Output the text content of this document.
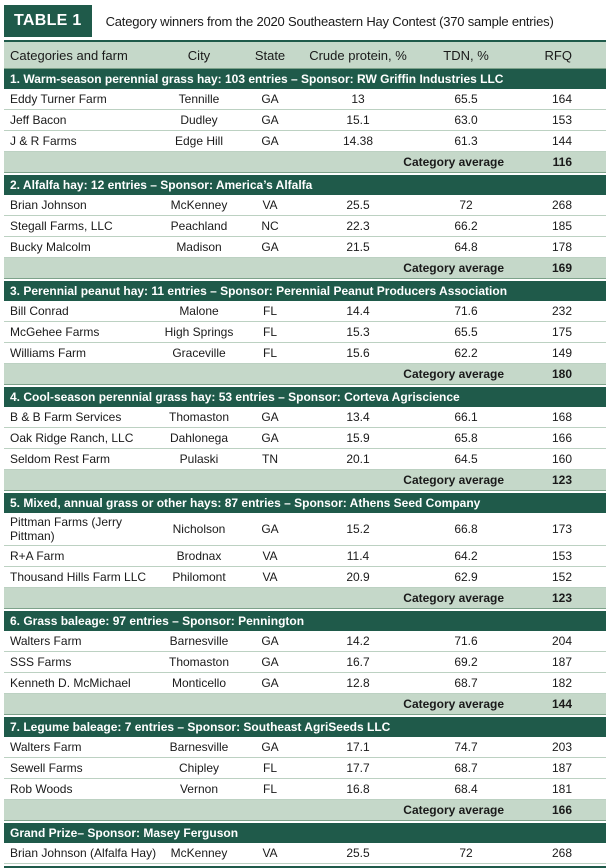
TABLE 1	Category winners from the 2020 Southeastern Hay Contest (370 sample entries)
Categories and farm	City	State	Crude protein, %	TDN, %	RFQ
1. Warm-season perennial grass hay: 103 entries – Sponsor: RW Griffin Industries LLC					
Eddy Turner Farm	Tennille	GA	13	65.5	164
Jeff Bacon	Dudley	GA	15.1	63.0	153
J & R Farms	Edge Hill	GA	14.38	61.3	144
			Category average		116

2. Alfalfa hay: 12 entries – Sponsor: America’s Alfalfa					
Brian Johnson	McKenney	VA	25.5	72	268
Stegall Farms, LLC	Peachland	NC	22.3	66.2	185
Bucky Malcolm	Madison	GA	21.5	64.8	178
			Category average		169

3. Perennial peanut hay: 11 entries – Sponsor: Perennial Peanut Producers Association					
Bill Conrad	Malone	FL	14.4	71.6	232
McGehee Farms	High Springs	FL	15.3	65.5	175
Williams Farm	Graceville	FL	15.6	62.2	149
			Category average		180

4. Cool-season perennial grass hay: 53 entries – Sponsor: Corteva Agriscience					
B & B Farm Services	Thomaston	GA	13.4	66.1	168
Oak Ridge Ranch, LLC	Dahlonega	GA	15.9	65.8	166
Seldom Rest Farm	Pulaski	TN	20.1	64.5	160
			Category average		123

5. Mixed, annual grass or other hays: 87 entries – Sponsor: Athens Seed Company					
Pittman Farms (Jerry Pittman)	Nicholson	GA	15.2	66.8	173
R+A Farm	Brodnax	VA	11.4	64.2	153
Thousand Hills Farm LLC	Philomont	VA	20.9	62.9	152
			Category average		123

6. Grass baleage: 97 entries – Sponsor: Pennington					
Walters Farm	Barnesville	GA	14.2	71.6	204
SSS Farms	Thomaston	GA	16.7	69.2	187
Kenneth D. McMichael	Monticello	GA	12.8	68.7	182
			Category average		144

7. Legume baleage: 7 entries – Sponsor: Southeast AgriSeeds LLC					
Walters Farm	Barnesville	GA	17.1	74.7	203
Sewell Farms	Chipley	FL	17.7	68.7	187
Rob Woods	Vernon	FL	16.8	68.4	181
			Category average		166

Grand Prize– Sponsor: Masey Ferguson					
Brian Johnson (Alfalfa Hay)	McKenney	VA	25.5	72	268
